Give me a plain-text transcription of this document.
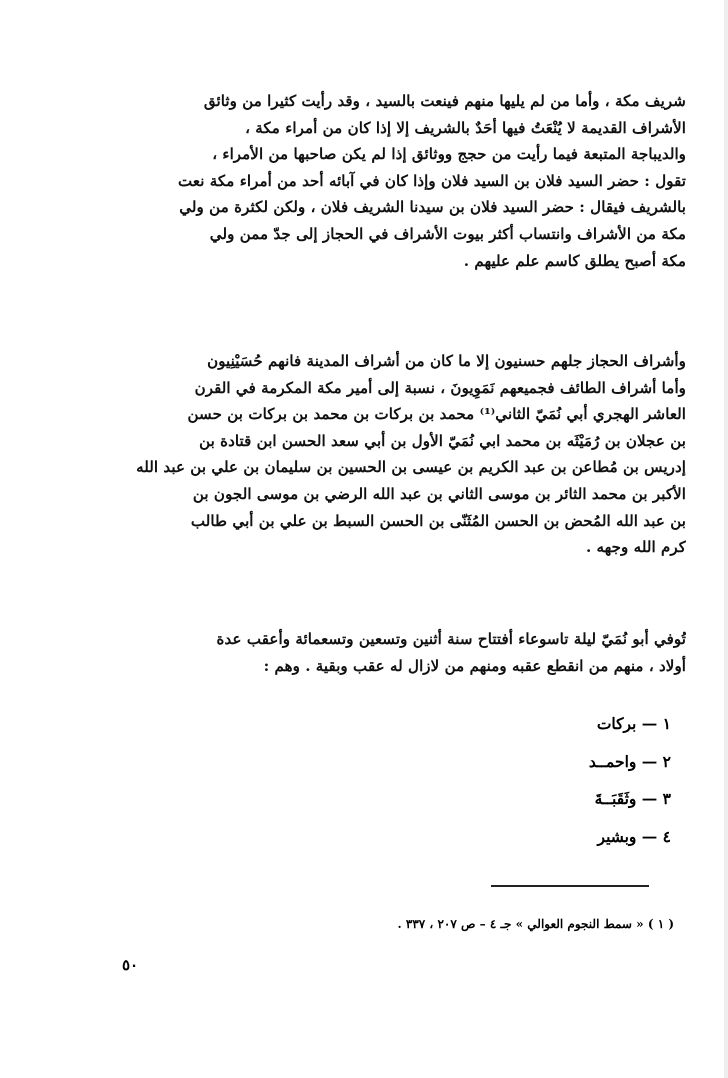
شريف مكة ، وأما من لم يليها منهم فينعت بالسيد ، وقد رأيت كثيرا من وثائق
الأشراف القديمة لا يُنْعَتُ فيها أحَدٌ بالشريف إلا إذا كان من أمراء مكة ،
والديباجة المتبعة فيما رأيت من حجج ووثائق إذا لم يكن صاحبها من الأمراء ،
تقول : حضر السيد فلان بن السيد فلان وإذا كان في آبائه أحد من أمراء مكة نعت
بالشريف فيقال : حضر السيد فلان بن سيدنا الشريف فلان ، ولكن لكثرة من ولي
مكة من الأشراف وانتساب أكثر بيوت الأشراف في الحجاز إلى جدّ ممن ولي
مكة أصبح يطلق كاسم علم عليهم .
وأشراف الحجاز جلهم حسنيون إلا ما كان من أشراف المدينة فانهم حُسَيْنِيون
وأما أشراف الطائف فجميعهم نَمَوِيونَ ، نسبة إلى أمير مكة المكرمة في القرن
العاشر الهجري أبي نُمَيّ الثاني⁽¹⁾ محمد بن بركات بن محمد بن بركات بن حسن
بن عجلان بن رُمَيْثَه بن محمد ابي نُمَيّ الأول بن أبي سعد الحسن ابن قتادة بن
إدريس بن مُطاعن بن عبد الكريم بن عيسى بن الحسين بن سليمان بن علي بن عبد الله
الأكبر بن محمد الثائر بن موسى الثاني بن عبد الله الرضي بن موسى الجون بن
بن عبد الله المُحض بن الحسن المُثَنّى بن الحسن السبط بن علي بن أبي طالب
كرم الله وجهه .
تُوفي أبو نُمَيّ ليلة تاسوعاء أفتتاح سنة أثنين وتسعين وتسعمائة وأعقب عدة
أولاد ، منهم من انقطع عقبه ومنهم من لازال له عقب وبقية . وهم :
١ — بركات
٢ — واحمــد
٣ — وثَقَبَــةَ
٤ — وبشير
( ١ ) « سمط النجوم العوالي » جـ ٤ – ص ٢٠٧ ، ٣٣٧ .
٥٠
